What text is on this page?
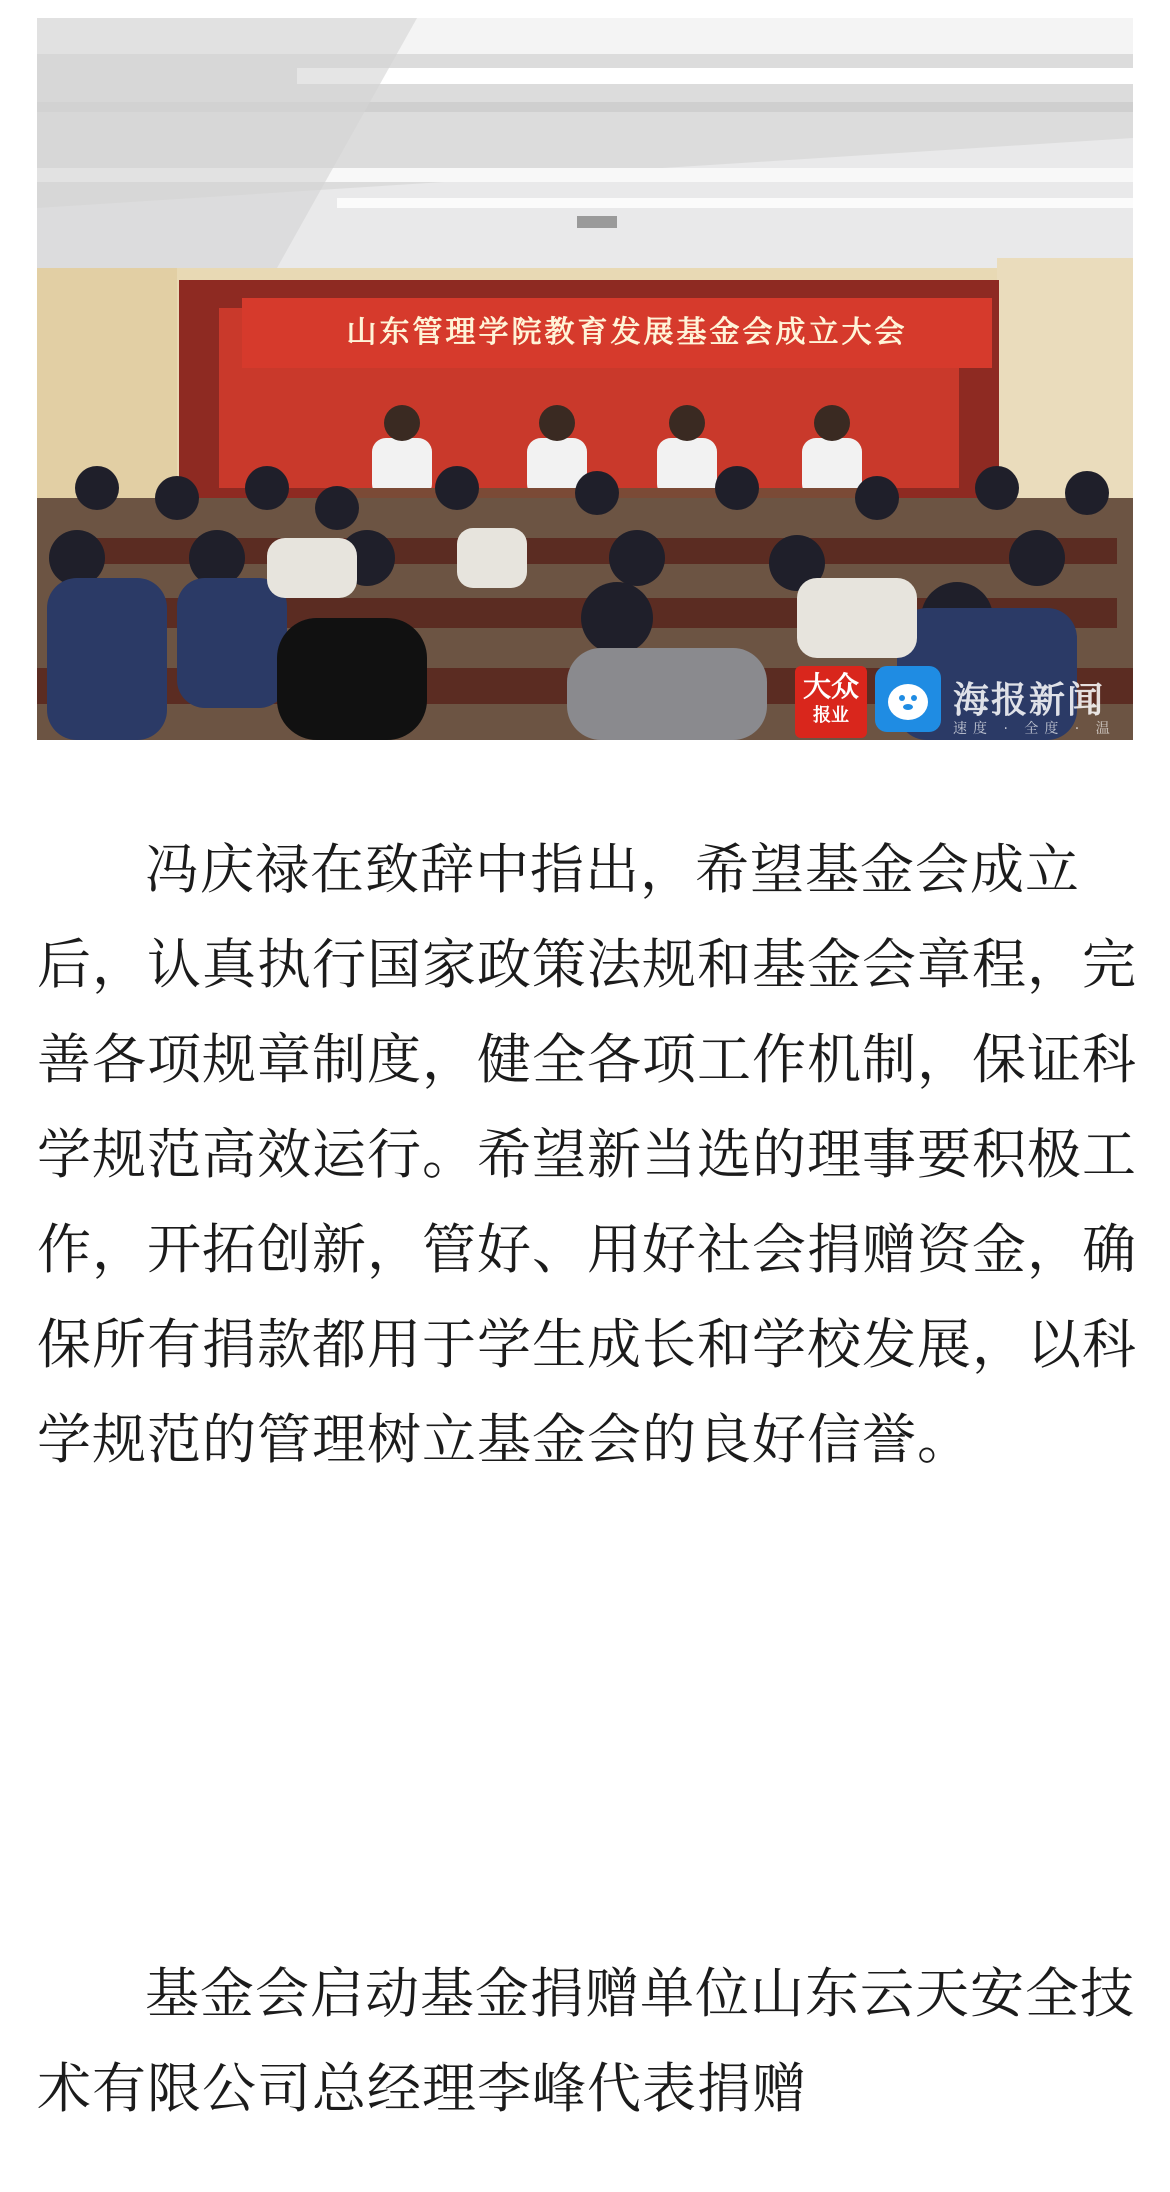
山东管理学院教育发展基金会成立大会
大众
报业	海报新闻
速度 · 全度 · 温度

冯庆禄在致辞中指出，希望基金会成立后，认真执行国家政策法规和基金会章程，完善各项规章制度，健全各项工作机制，保证科学规范高效运行。希望新当选的理事要积极工作，开拓创新，管好、用好社会捐赠资金，确保所有捐款都用于学生成长和学校发展，以科学规范的管理树立基金会的良好信誉。

基金会启动基金捐赠单位山东云天安全技术有限公司总经理李峰代表捐赠
